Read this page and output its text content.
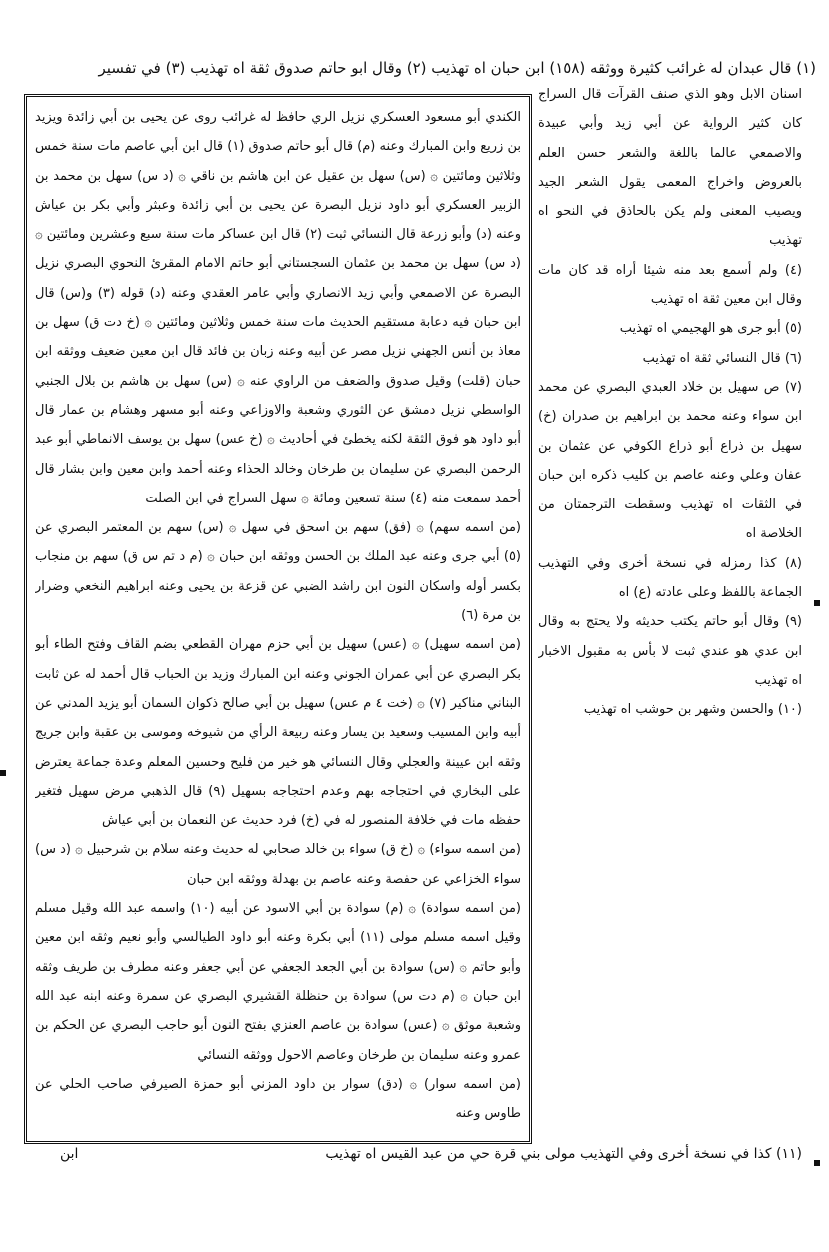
(١) قال عبدان له غرائب كثيرة ووثقه (١٥٨) ابن حبان اه تهذيب (٢) وقال ابو حاتم صدوق ثقة اه تهذيب (٣) في تفسير

الكندي أبو مسعود العسكري نزيل الري حافظ له غرائب روى عن يحيى بن أبي زائدة ويزيد بن زريع وابن المبارك وعنه (م) قال أبو حاتم صدوق (١) قال ابن أبي عاصم مات سنة خمس وثلاثين ومائتين ۞ (س) سهل بن عقيل عن ابن هاشم بن ناقي ۞ (د س) سهل بن محمد بن الزبير العسكري أبو داود نزيل البصرة عن يحيى بن أبي زائدة وعبثر وأبي بكر بن عياش وعنه (د) وأبو زرعة قال النسائي ثبت (٢) قال ابن عساكر مات سنة سبع وعشرين ومائتين ۞ (د س) سهل بن محمد بن عثمان السجستاني أبو حاتم الامام المقرئ النحوي البصري نزيل البصرة عن الاصمعي وأبي زيد الانصاري وأبي عامر العقدي وعنه (د) قوله (٣) و(س) قال ابن حبان فيه دعابة مستقيم الحديث مات سنة خمس وثلاثين ومائتين ۞ (خ دت ق) سهل بن معاذ بن أنس الجهني نزيل مصر عن أبيه وعنه زبان بن فائد قال ابن معين ضعيف ووثقه ابن حبان (قلت) وقيل صدوق والضعف من الراوي عنه ۞ (س) سهل بن هاشم بن بلال الجنبي الواسطي نزيل دمشق عن الثوري وشعبة والاوزاعي وعنه أبو مسهر وهشام بن عمار قال أبو داود هو فوق الثقة لكنه يخطئ في أحاديث ۞ (خ عس) سهل بن يوسف الانماطي أبو عبد الرحمن البصري عن سليمان بن طرخان وخالد الحذاء وعنه أحمد وابن معين وابن بشار قال أحمد سمعت منه (٤) سنة تسعين ومائة ۞ سهل السراج في ابن الصلت

(من اسمه سهم) ۞ (فق) سهم بن اسحق في سهل ۞ (س) سهم بن المعتمر البصري عن (٥) أبي جرى وعنه عبد الملك بن الحسن ووثقه ابن حبان ۞ (م د تم س ق) سهم بن منجاب بكسر أوله واسكان النون ابن راشد الضبي عن قزعة بن يحيى وعنه ابراهيم النخعي وضرار بن مرة (٦)

(من اسمه سهيل) ۞ (عس) سهيل بن أبي حزم مهران القطعي بضم القاف وفتح الطاء أبو بكر البصري عن أبي عمران الجوني وعنه ابن المبارك وزيد بن الحباب قال أحمد له عن ثابت البناني مناكير (٧) ۞ (خت ٤ م عس) سهيل بن أبي صالح ذكوان السمان أبو يزيد المدني عن أبيه وابن المسيب وسعيد بن يسار وعنه ربيعة الرأي من شيوخه وموسى بن عقبة وابن جريج وثقه ابن عيينة والعجلي وقال النسائي هو خير من فليح وحسين المعلم وعدة جماعة يعترض على البخاري في احتجاجه بهم وعدم احتجاجه بسهيل (٩) قال الذهبي مرض سهيل فتغير حفظه مات في خلافة المنصور له في (خ) فرد حديث عن النعمان بن أبي عياش

(من اسمه سواء) ۞ (خ ق) سواء بن خالد صحابي له حديث وعنه سلام بن شرحبيل ۞ (د س) سواء الخزاعي عن حفصة وعنه عاصم بن بهدلة ووثقه ابن حبان

(من اسمه سوادة) ۞ (م) سوادة بن أبي الاسود عن أبيه (١٠) واسمه عبد الله وقيل مسلم وقيل اسمه مسلم مولى (١١) أبي بكرة وعنه أبو داود الطيالسي وأبو نعيم وثقه ابن معين وأبو حاتم ۞ (س) سوادة بن أبي الجعد الجعفي عن أبي جعفر وعنه مطرف بن طريف وثقه ابن حبان ۞ (م دت س) سوادة بن حنظلة القشيري البصري عن سمرة وعنه ابنه عبد الله وشعبة موثق ۞ (عس) سوادة بن عاصم العنزي بفتح النون أبو حاجب البصري عن الحكم بن عمرو وعنه سليمان بن طرخان وعاصم الاحول ووثقه النسائي

(من اسمه سوار) ۞ (دق) سوار بن داود المزني أبو حمزة الصيرفي صاحب الحلي عن طاوس وعنه

اسنان الابل وهو الذي صنف القرآت قال السراج كان كثير الرواية عن أبي زيد وأبي عبيدة والاصمعي عالما باللغة والشعر حسن العلم بالعروض واخراج المعمى يقول الشعر الجيد ويصيب المعنى ولم يكن بالحاذق في النحو اه تهذيب

(٤) ولم أسمع بعد منه شيئا أراه قد كان مات وقال ابن معين ثقة اه تهذيب

(٥) أبو جرى هو الهجيمي اه تهذيب

(٦) قال النسائي ثقة اه تهذيب

(٧) ص سهيل بن خلاد العبدي البصري عن محمد ابن سواء وعنه محمد بن ابراهيم بن صدران (خ) سهيل بن ذراع أبو ذراع الكوفي عن عثمان بن عفان وعلي وعنه عاصم بن كليب ذكره ابن حبان في الثقات اه تهذيب وسقطت الترجمتان من الخلاصة اه

(٨) كذا رمزله في نسخة أخرى وفي التهذيب الجماعة باللفظ وعلى عادته (ع) اه

(٩) وقال أبو حاتم يكتب حديثه ولا يحتج به وقال ابن عدي هو عندي ثبت لا بأس به مقبول الاخبار اه تهذيب

(١٠) والحسن وشهر بن حوشب اه تهذيب

(١١) كذا في نسخة أخرى وفي التهذيب مولى بني قرة حي من عبد القيس اه تهذيب
ابن
